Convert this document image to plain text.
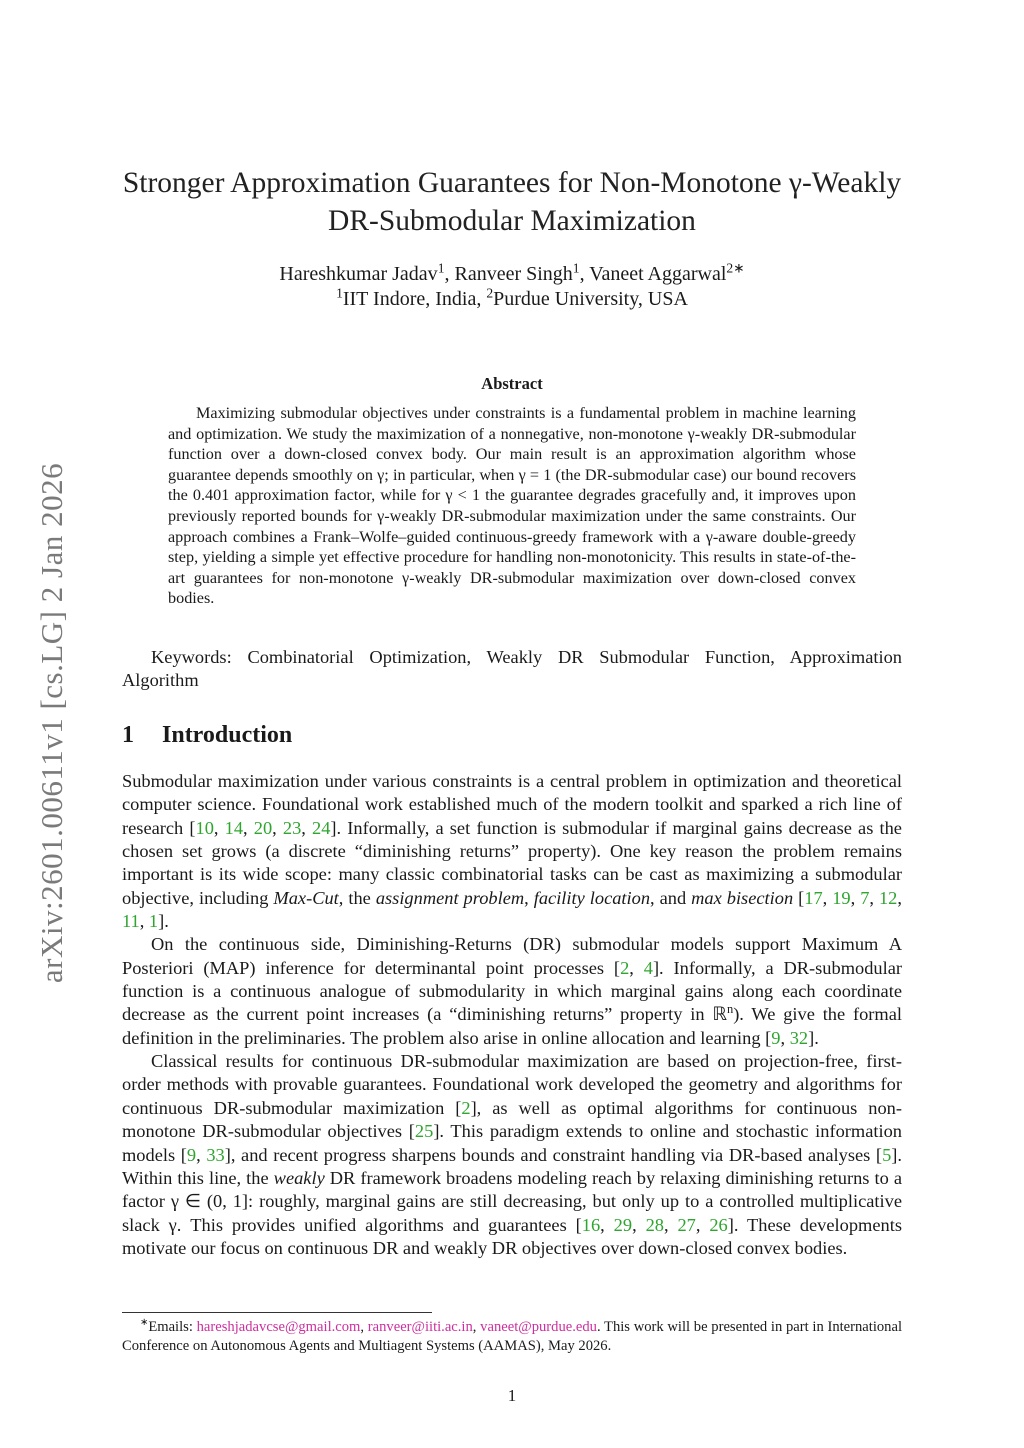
arXiv:2601.00611v1 [cs.LG] 2 Jan 2026
Stronger Approximation Guarantees for Non-Monotone γ-Weakly
DR-Submodular Maximization
Hareshkumar Jadav$^1$, Ranveer Singh$^1$, Vaneet Aggarwal$^{2∗}$
$^1$IIT Indore, India, $^2$Purdue University, USA
Abstract

Maximizing submodular objectives under constraints is a fundamental problem in machine learning and optimization. We study the maximization of a nonnegative, non-monotone γ-weakly DR-submodular function over a down-closed convex body. Our main result is an approximation algorithm whose guarantee depends smoothly on γ; in particular, when γ = 1 (the DR-submodular case) our bound recovers the 0.401 approximation factor, while for γ < 1 the guarantee degrades gracefully and, it improves upon previously reported bounds for γ-weakly DR-submodular maximization under the same constraints. Our approach combines a Frank–Wolfe–guided continuous-greedy framework with a γ-aware double-greedy step, yielding a simple yet effective procedure for handling non-monotonicity. This results in state-of-the-art guarantees for non-monotone γ-weakly DR-submodular maximization over down-closed convex bodies.

Keywords: Combinatorial Optimization, Weakly DR Submodular Function, Approximation Algorithm

1 Introduction

Submodular maximization under various constraints is a central problem in optimization and theoretical computer science. Foundational work established much of the modern toolkit and sparked a rich line of research [10, 14, 20, 23, 24]. Informally, a set function is submodular if marginal gains decrease as the chosen set grows (a discrete “diminishing returns” property). One key reason the problem remains important is its wide scope: many classic combinatorial tasks can be cast as maximizing a submodular objective, including Max-Cut, the assignment problem, facility location, and max bisection [17, 19, 7, 12, 11, 1].

On the continuous side, Diminishing-Returns (DR) submodular models support Maximum A Posteriori (MAP) inference for determinantal point processes [2, 4]. Informally, a DR-submodular function is a continuous analogue of submodularity in which marginal gains along each coordinate decrease as the current point increases (a “diminishing returns” property in ℝ$^n$). We give the formal definition in the preliminaries. The problem also arise in online allocation and learning [9, 32].

Classical results for continuous DR-submodular maximization are based on projection-free, first-order methods with provable guarantees. Foundational work developed the geometry and algorithms for continuous DR-submodular maximization [2], as well as optimal algorithms for continuous non-monotone DR-submodular objectives [25]. This paradigm extends to online and stochastic information models [9, 33], and recent progress sharpens bounds and constraint handling via DR-based analyses [5]. Within this line, the weakly DR framework broadens modeling reach by relaxing diminishing returns to a factor γ ∈ (0, 1]: roughly, marginal gains are still decreasing, but only up to a controlled multiplicative slack γ. This provides unified algorithms and guarantees [16, 29, 28, 27, 26]. These developments motivate our focus on continuous DR and weakly DR objectives over down-closed convex bodies.

∗Emails: hareshjadavcse@gmail.com, ranveer@iiti.ac.in, vaneet@purdue.edu. This work will be presented in part in International Conference on Autonomous Agents and Multiagent Systems (AAMAS), May 2026.

1
